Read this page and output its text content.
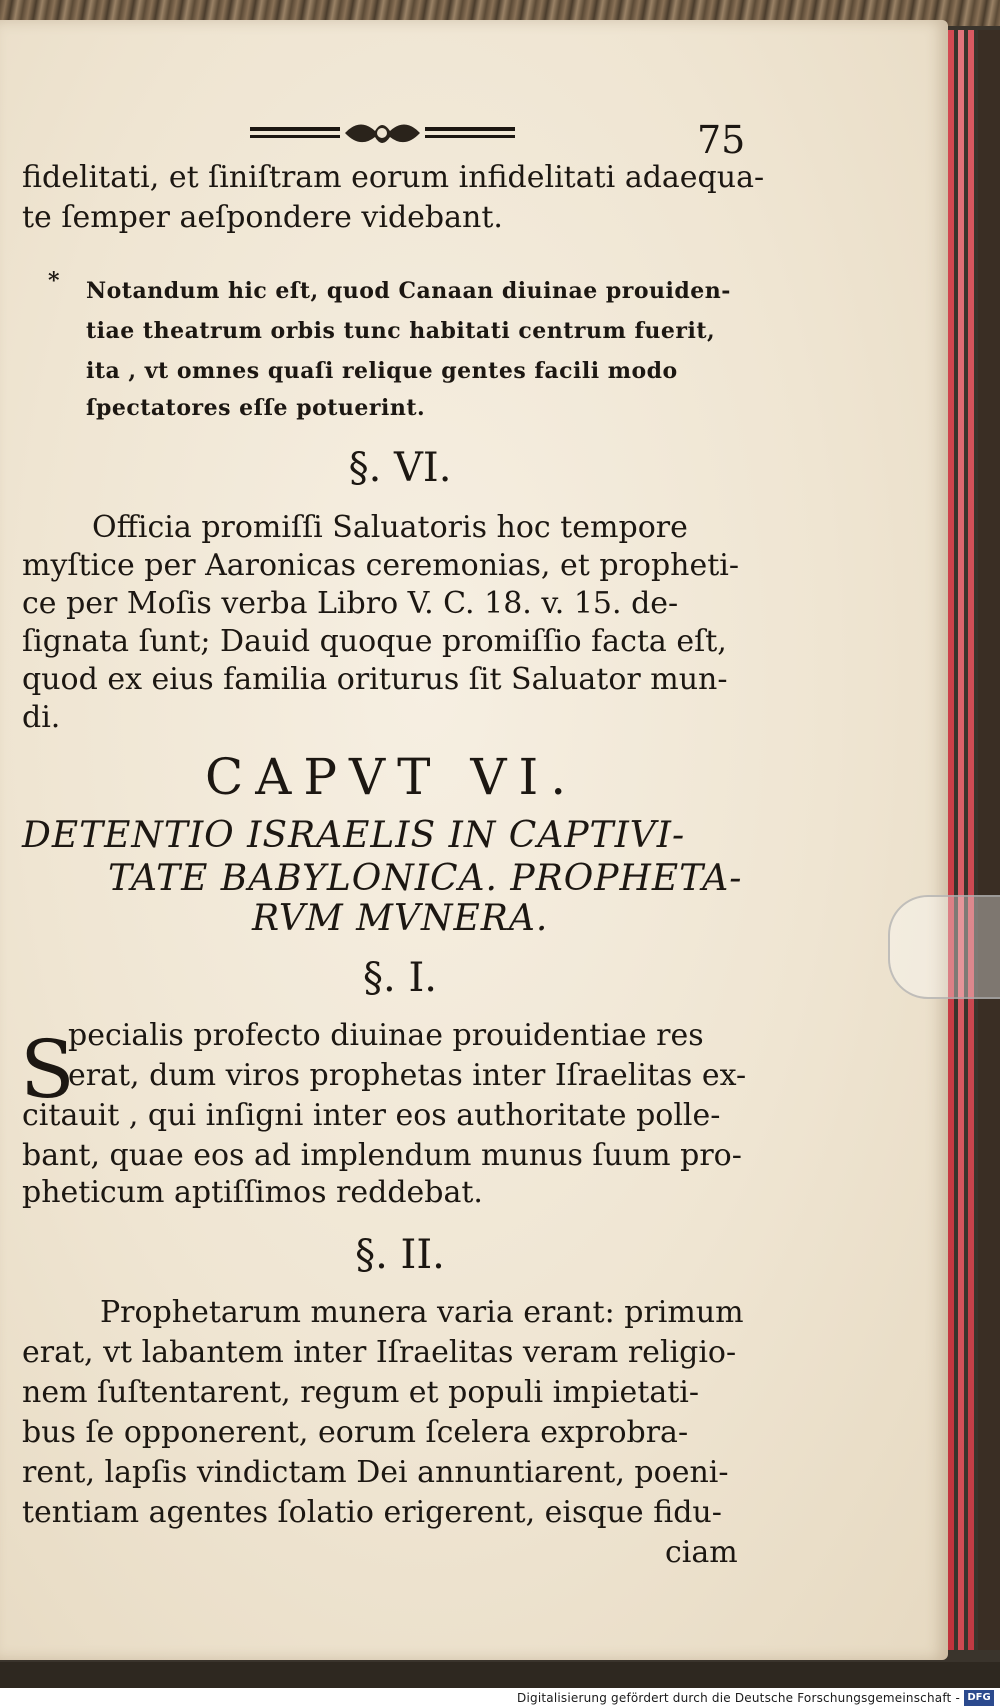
75
fidelitati, et ſiniſtram eorum infidelitati adaequa-
te ſemper aeſpondere videbant.
* Notandum hic eſt, quod Canaan diuinae prouiden-
tiae theatrum orbis tunc habitati centrum fuerit,
ita , vt omnes quaſi relique gentes facili modo
ſpectatores eſſe potuerint.
§. VI.
Officia promiſſi Saluatoris hoc tempore
myſtice per Aaronicas ceremonias, et propheti-
ce per Moſis verba Libro V. C. 18. v. 15. de-
ſignata ſunt; Dauid quoque promiſſio facta eſt,
quod ex eius familia oriturus ſit Saluator mun-
di.
CAPVT VI.
DETENTIO ISRAELIS IN CAPTIVI-
TATE BABYLONICA. PROPHETA-
RVM MVNERA.
§. I.
S
pecialis profecto diuinae prouidentiae res
erat, dum viros prophetas inter Iſraelitas ex-
citauit , qui inſigni inter eos authoritate polle-
bant, quae eos ad implendum munus ſuum pro-
pheticum aptiſſimos reddebat.
§. II.
Prophetarum munera varia erant: primum
erat, vt labantem inter Iſraelitas veram religio-
nem ſuſtentarent, regum et populi impietati-
bus ſe opponerent, eorum ſcelera exprobra-
rent, lapſis vindictam Dei annuntiarent, poeni-
tentiam agentes ſolatio erigerent, eisque fidu-
ciam
Digitalisierung gefördert durch die Deutsche Forschungsgemeinschaft - DFG
